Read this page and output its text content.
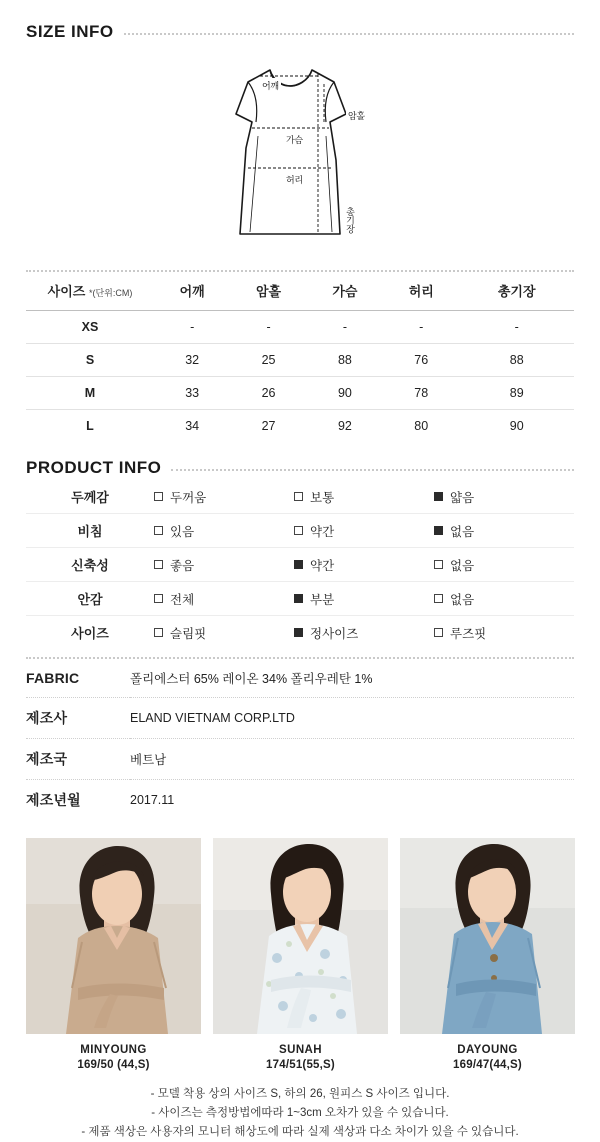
SIZE INFO
어깨
암홀
가슴
허리
총기장
사이즈 *(단위:CM)	어깨	암홀	가슴	허리	총기장
XS	-	-	-	-	-
S	32	25	88	76	88
M	33	26	90	78	89
L	34	27	92	80	90
PRODUCT INFO
두께감	두꺼움	보통	얇음

비침	있음	약간	없음

신축성	좋음	약간	없음

안감	전체	부분	없음

사이즈	슬림핏	정사이즈	루즈핏
FABRIC	폴리에스터 65% 레이온 34% 폴리우레탄 1%
제조사	ELAND VIETNAM CORP.LTD
제조국	베트남
제조년월	2017.11
MINYOUNG
169/50 (44,S)
SUNAH
174/51(55,S)
DAYOUNG
169/47(44,S)
- 모델 착용 상의 사이즈 S, 하의 26, 원피스 S 사이즈 입니다.
- 사이즈는 측정방법에따라 1~3cm 오차가 있을 수 있습니다.
- 제품 색상은 사용자의 모니터 해상도에 따라 실제 색상과 다소 차이가 있을 수 있습니다.
